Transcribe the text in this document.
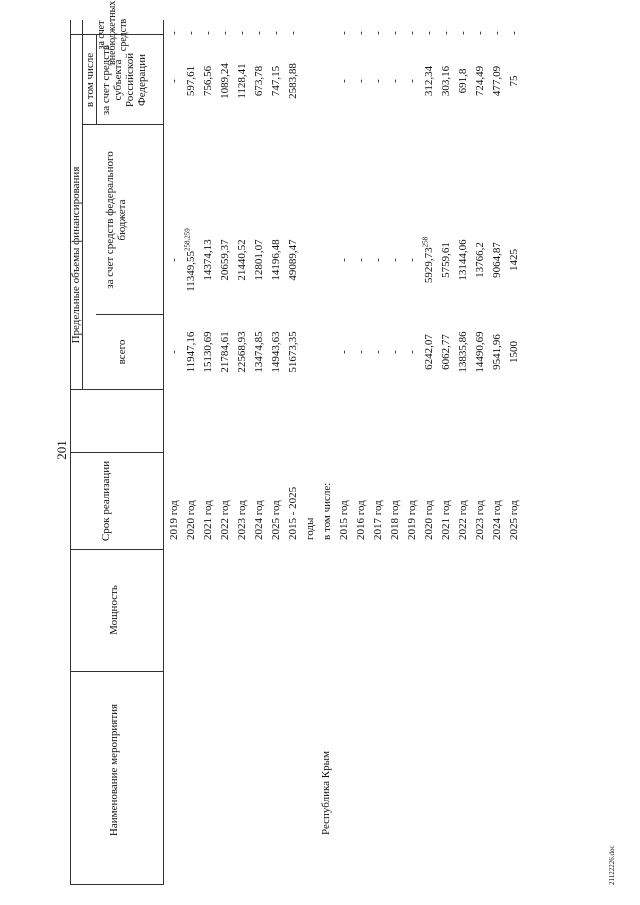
201
21122226.doc
Наименование мероприятия
Мощность
Срок реализации
Предельные объемы финансирования
всего
в том числе
за счет средств федерального бюджета
за счет средств субъекта Российской Федерации
за счет внебюджетных средств
Республика Крым
2019 год
-
-
-
2020 год
11947,16
11349,55$^{258,259}$
597,61
2021 год
15130,69
14374,13
756,56
2022 год
21784,61
20659,37
1089,24
2023 год
22568,93
21440,52
1128,41
2024 год
13474,85
12801,07
673,78
2025 год
14943,63
14196,48
747,15
2015 - 2025
51673,35
49089,47
2583,88
годы в том числе: 2015 год
-
-
-
2016 год
-
-
-
2017 год
-
-
-
2018 год
-
-
-
2019 год
-
-
-
2020 год
6242,07
5929,73$^{258}$
312,34
2021 год
6062,77
5759,61
303,16
2022 год
13835,86
13144,06
691,8
2023 год
14490,69
13766,2
724,49
2024 год
9541,96
9064,87
477,09
2025 год
1500
1425
75
- - - - - - - -	- - - - - - - - - - -
